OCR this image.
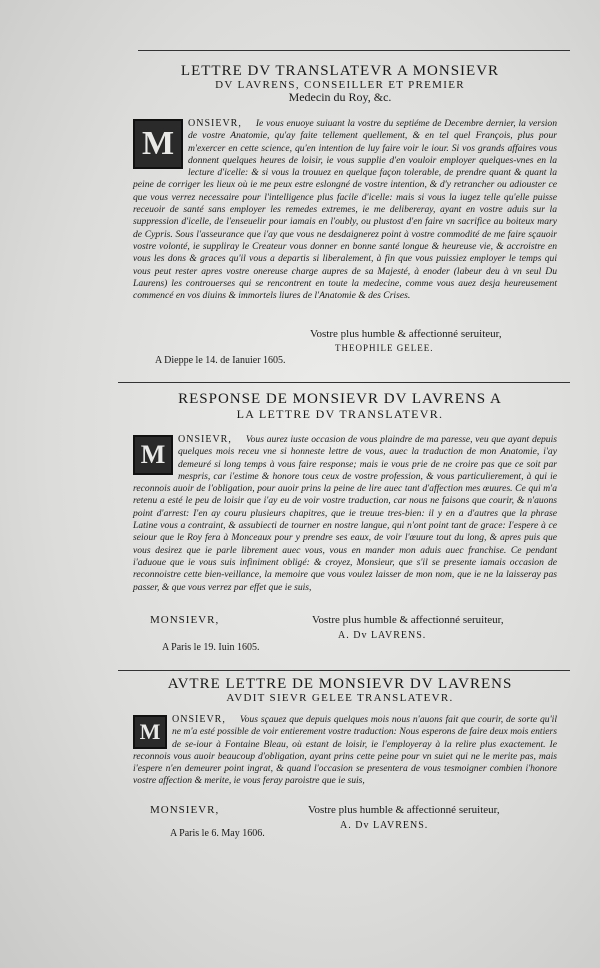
LETTRE DV TRANSLATEVR A MONSIEVR
DV LAVRENS, CONSEILLER ET PREMIER
Medecin du Roy, &c.
M
ONSIEVR, Ie vous enuoye suiuant la vostre du septiéme de Decembre dernier, la version de vostre Anatomie, qu'ay faite tellement quellement, & en tel quel François, plus pour m'exercer en cette science, qu'en intention de luy faire voir le iour. Si vos grands affaires vous donnent quelques heures de loisir, ie vous supplie d'en vouloir employer quelques-vnes en la lecture d'icelle: & si vous la trouuez en quelque façon tolerable, de prendre quant & quant la peine de corriger les lieux où ie me peux estre eslongné de vostre intention, & d'y retrancher ou adiouster ce que vous verrez necessaire pour l'intelligence plus facile d'icelle: mais si vous la iugez telle qu'elle puisse receuoir de santé sans employer les remedes extremes, ie me delibereray, ayant en vostre aduis sur la suppression d'icelle, de l'enseuelir pour iamais en l'oubly, ou plustost d'en faire vn sacrifice au boiteux mary de Cypris. Sous l'asseurance que i'ay que vous ne desdaignerez point à vostre commodité de me faire sçauoir vostre volonté, ie suppliray le Createur vous donner en bonne santé longue & heureuse vie, & accroistre en vous les dons & graces qu'il vous a departis si liberalement, à fin que vous puissiez employer le temps qui vous peut rester apres vostre onereuse charge aupres de sa Majesté, à enoder (labeur deu à vn seul Du Laurens) les controuerses qui se rencontrent en toute la medecine, comme vous auez desja heureusement commencé en vos diuins & immortels liures de l'Anatomie & des Crises.
Vostre plus humble & affectionné seruiteur,
THEOPHILE GELEE.
A Dieppe le 14. de Ianuier 1605.
RESPONSE DE MONSIEVR DV LAVRENS A
LA LETTRE DV TRANSLATEVR.
M
ONSIEVR, Vous aurez iuste occasion de vous plaindre de ma paresse, veu que ayant depuis quelques mois receu vne si honneste lettre de vous, auec la traduction de mon Anatomie, i'ay demeuré si long temps à vous faire response; mais ie vous prie de ne croire pas que ce soit par mespris, car i'estime & honore tous ceux de vostre profession, & vous particulierement, à qui ie reconnois auoir de l'obligation, pour auoir prins la peine de lire auec tant d'affection mes œuures. Ce qui m'a retenu a esté le peu de loisir que i'ay eu de voir vostre traduction, car nous ne faisons que courir, & n'auons point d'arrest: I'en ay couru plusieurs chapitres, que ie treuue tres-bien: il y en a d'autres que la phrase Latine vous a contraint, & assubiecti de tourner en nostre langue, qui n'ont point tant de grace: I'espere à ce seiour que le Roy fera à Monceaux pour y prendre ses eaux, de voir l'œuure tout du long, & apres puis que vous desirez que ie parle librement auec vous, vous en mander mon aduis auec franchise. Ce pendant i'aduoue que ie vous suis infiniment obligé: & croyez, Monsieur, que s'il se presente iamais occasion de reconnoistre cette bien-veillance, la memoire que vous voulez laisser de mon nom, que ie ne la laisseray pas passer, & que vous verrez par effet que ie suis,
MONSIEVR,	Vostre plus humble & affectionné seruiteur,
A. Dv LAVRENS.
A Paris le 19. Iuin 1605.
AVTRE LETTRE DE MONSIEVR DV LAVRENS
AVDIT SIEVR GELEE TRANSLATEVR.
M	ONSIEVR, Vous sçauez que depuis quelques mois nous n'auons fait que courir, de sorte qu'il ne m'a esté possible de voir entierement vostre traduction: Nous esperons de faire deux mois entiers de se-iour à Fontaine Bleau, où estant de loisir, ie l'employeray à la relire plus exactement. Ie reconnois vous auoir beaucoup d'obligation, ayant prins cette peine pour vn suiet qui ne le merite pas, mais i'espere n'en demeurer point ingrat, & quand l'occasion se presentera de vous tesmoigner combien i'honore vostre affection & merite, ie vous feray paroistre que ie suis,
MONSIEVR,	Vostre plus humble & affectionné seruiteur,
A. Dv LAVRENS.
A Paris le 6. May 1606.
